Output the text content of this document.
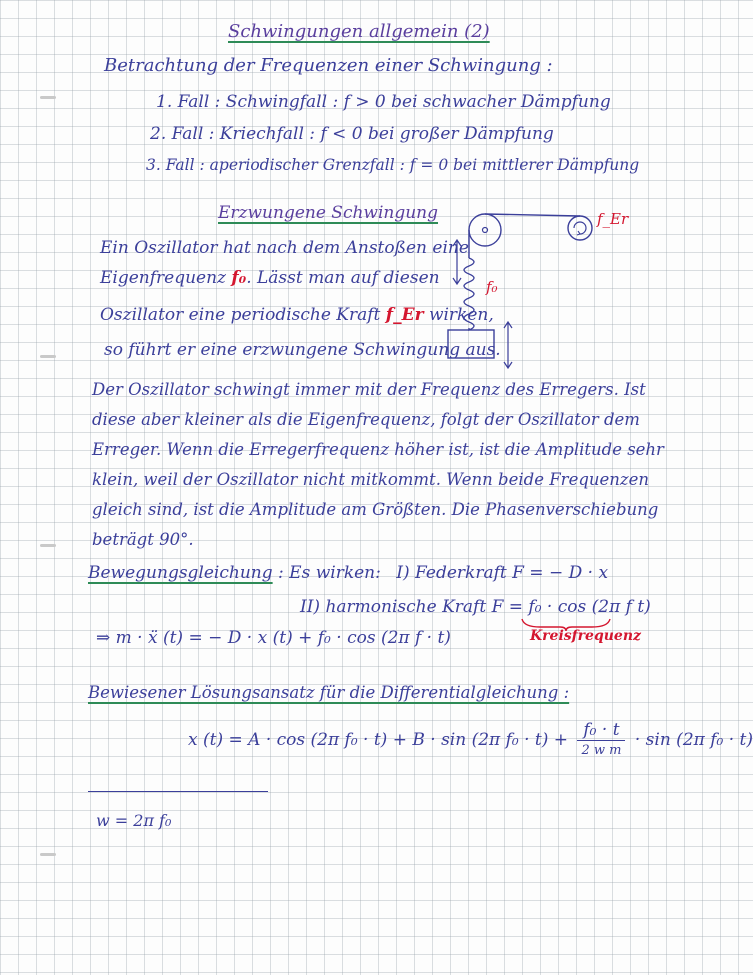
Schwingungen allgemein (2)
Betrachtung der Frequenzen einer Schwingung :
1. Fall : Schwingfall : f > 0 bei schwacher Dämpfung
2. Fall : Kriechfall : f < 0 bei großer Dämpfung
3. Fall : aperiodischer Grenzfall : f = 0 bei mittlerer Dämpfung
Erzwungene Schwingung
Ein Oszillator hat nach dem Anstoßen eine
Eigenfrequenz f₀. Lässt man auf diesen
Oszillator eine periodische Kraft f_Er wirken,
so führt er eine erzwungene Schwingung aus.
f_Er
f₀
Der Oszillator schwingt immer mit der Frequenz des Erregers. Ist diese aber kleiner als die Eigenfrequenz, folgt der Oszillator dem Erreger. Wenn die Erregerfrequenz höher ist, ist die Amplitude sehr klein, weil der Oszillator nicht mitkommt. Wenn beide Frequenzen gleich sind, ist die Amplitude am Größten. Die Phasenverschiebung beträgt 90°.
Bewegungsgleichung : Es wirken: I) Federkraft F = − D · x
II) harmonische Kraft F = f₀ · cos (2π f t)
⇒ m · ẍ (t) = − D · x (t) + f₀ · cos (2π f · t)	Kreisfrequenz
Bewiesener Lösungsansatz für die Differentialgleichung :
x (t) = A · cos (2π f₀ · t) + B · sin (2π $f_0 \cdot t) + \frac{\text{f₀ · t}}{\text{2 w m}} \cdot \sin (2\pi$ f₀ · t)
w = 2π f₀
